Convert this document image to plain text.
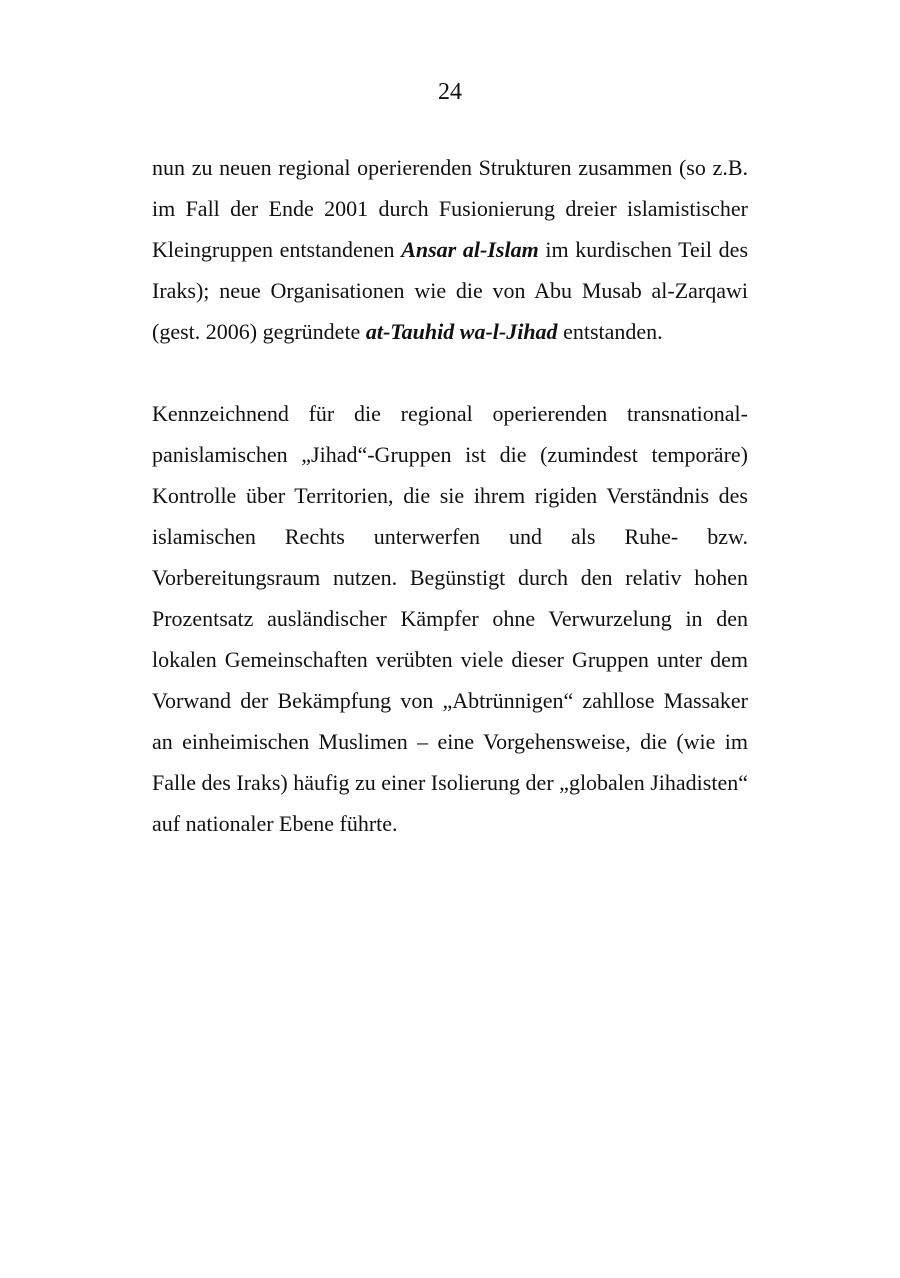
24

nun zu neuen regional operierenden Strukturen zusammen (so z.B. im Fall der Ende 2001 durch Fusionierung dreier islamistischer Kleingruppen entstandenen Ansar al-Islam im kurdischen Teil des Iraks); neue Organisationen wie die von Abu Musab al-Zarqawi (gest. 2006) gegründete at-Tauhid wa-l-Jihad entstanden.

Kennzeichnend für die regional operierenden transnational-panislamischen „Jihad“-Gruppen ist die (zumindest temporäre) Kontrolle über Territorien, die sie ihrem rigiden Verständnis des islamischen Rechts unterwerfen und als Ruhe- bzw. Vorbereitungsraum nutzen. Begünstigt durch den relativ hohen Prozentsatz ausländischer Kämpfer ohne Verwurzelung in den lokalen Gemeinschaften verübten viele dieser Gruppen unter dem Vorwand der Bekämpfung von „Abtrünnigen“ zahllose Massaker an einheimischen Muslimen – eine Vorgehensweise, die (wie im Falle des Iraks) häufig zu einer Isolierung der „globalen Jihadisten“ auf nationaler Ebene führte.
